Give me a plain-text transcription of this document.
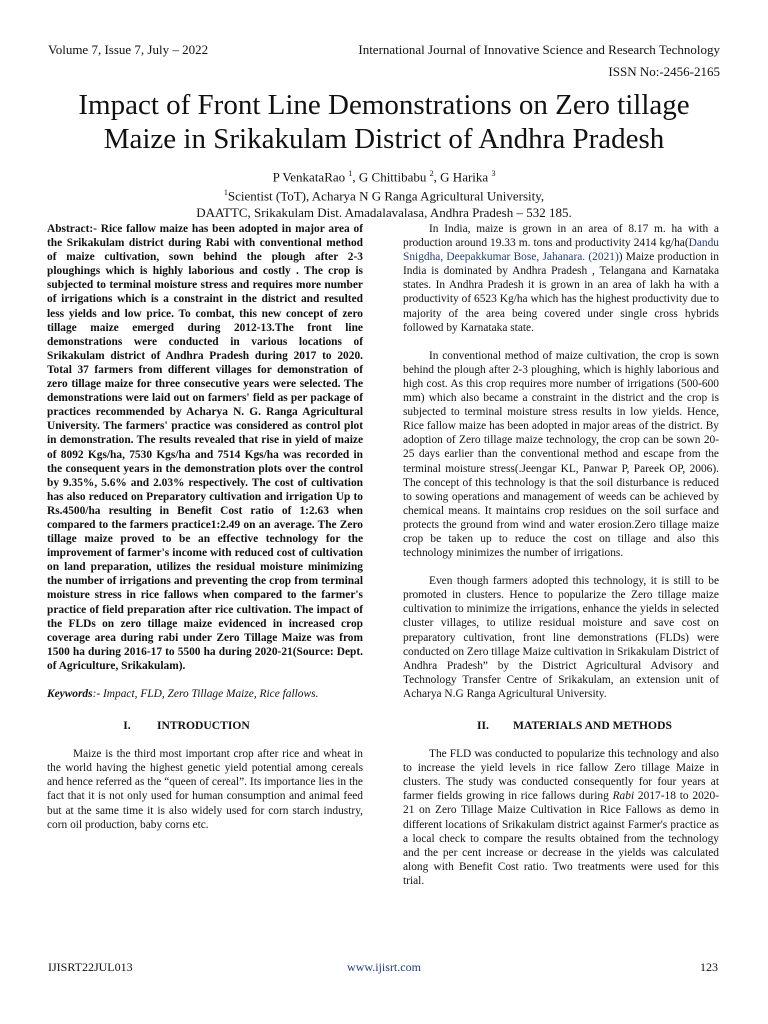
Volume 7, Issue 7, July – 2022	International Journal of Innovative Science and Research Technology
ISSN No:-2456-2165
Impact of Front Line Demonstrations on Zero tillage Maize in Srikakulam District of Andhra Pradesh
P VenkataRao $^1$, G Chittibabu $^2$, G Harika $^3$
$^1$Scientist (ToT), Acharya N G Ranga Agricultural University,
DAATTC, Srikakulam Dist. Amadalavalasa, Andhra Pradesh – 532 185.

Abstract:- Rice fallow maize has been adopted in major area of the Srikakulam district during Rabi with conventional method of maize cultivation, sown behind the plough after 2-3 ploughings which is highly laborious and costly . The crop is subjected to terminal moisture stress and requires more number of irrigations which is a constraint in the district and resulted less yields and low price. To combat, this new concept of zero tillage maize emerged during 2012-13.The front line demonstrations were conducted in various locations of Srikakulam district of Andhra Pradesh during 2017 to 2020. Total 37 farmers from different villages for demonstration of zero tillage maize for three consecutive years were selected. The demonstrations were laid out on farmers' field as per package of practices recommended by Acharya N. G. Ranga Agricultural University. The farmers' practice was considered as control plot in demonstration. The results revealed that rise in yield of maize of 8092 Kgs/ha, 7530 Kgs/ha and 7514 Kgs/ha was recorded in the consequent years in the demonstration plots over the control by 9.35%, 5.6% and 2.03% respectively. The cost of cultivation has also reduced on Preparatory cultivation and irrigation Up to Rs.4500/ha resulting in Benefit Cost ratio of 1:2.63 when compared to the farmers practice1:2.49 on an average. The Zero tillage maize proved to be an effective technology for the improvement of farmer's income with reduced cost of cultivation on land preparation, utilizes the residual moisture minimizing the number of irrigations and preventing the crop from terminal moisture stress in rice fallows when compared to the farmer's practice of field preparation after rice cultivation. The impact of the FLDs on zero tillage maize evidenced in increased crop coverage area during rabi under Zero Tillage Maize was from 1500 ha during 2016-17 to 5500 ha during 2020-21(Source: Dept. of Agriculture, Srikakulam).

Keywords:- Impact, FLD, Zero Tillage Maize, Rice fallows.

I.	INTRODUCTION

Maize is the third most important crop after rice and wheat in the world having the highest genetic yield potential among cereals and hence referred as the “queen of cereal”. Its importance lies in the fact that it is not only used for human consumption and animal feed but at the same time it is also widely used for corn starch industry, corn oil production, baby corns etc.

In India, maize is grown in an area of 8.17 m. ha with a production around 19.33 m. tons and productivity 2414 kg/ha(Dandu Snigdha, Deepakkumar Bose, Jahanara. (2021)) Maize production in India is dominated by Andhra Pradesh , Telangana and Karnataka states. In Andhra Pradesh it is grown in an area of lakh ha with a productivity of 6523 Kg/ha which has the highest productivity due to majority of the area being covered under single cross hybrids followed by Karnataka state.

In conventional method of maize cultivation, the crop is sown behind the plough after 2-3 ploughing, which is highly laborious and high cost. As this crop requires more number of irrigations (500-600 mm) which also became a constraint in the district and the crop is subjected to terminal moisture stress results in low yields. Hence, Rice fallow maize has been adopted in major areas of the district. By adoption of Zero tillage maize technology, the crop can be sown 20-25 days earlier than the conventional method and escape from the terminal moisture stress(.Jeengar KL, Panwar P, Pareek OP, 2006). The concept of this technology is that the soil disturbance is reduced to sowing operations and management of weeds can be achieved by chemical means. It maintains crop residues on the soil surface and protects the ground from wind and water erosion.Zero tillage maize crop be taken up to reduce the cost on tillage and also this technology minimizes the number of irrigations.

Even though farmers adopted this technology, it is still to be promoted in clusters. Hence to popularize the Zero tillage maize cultivation to minimize the irrigations, enhance the yields in selected cluster villages, to utilize residual moisture and save cost on preparatory cultivation, front line demonstrations (FLDs) were conducted on Zero tillage Maize cultivation in Srikakulam District of Andhra Pradesh” by the District Agricultural Advisory and Technology Transfer Centre of Srikakulam, an extension unit of Acharya N.G Ranga Agricultural University.

II.	MATERIALS AND METHODS

The FLD was conducted to popularize this technology and also to increase the yield levels in rice fallow Zero tillage Maize in clusters. The study was conducted consequently for four years at farmer fields growing in rice fallows during Rabi 2017-18 to 2020-21 on Zero Tillage Maize Cultivation in Rice Fallows as demo in different locations of Srikakulam district against Farmer's practice as a local check to compare the results obtained from the technology and the per cent increase or decrease in the yields was calculated along with Benefit Cost ratio. Two treatments were used for this trial.

IJISRT22JUL013	www.ijisrt.com	123
